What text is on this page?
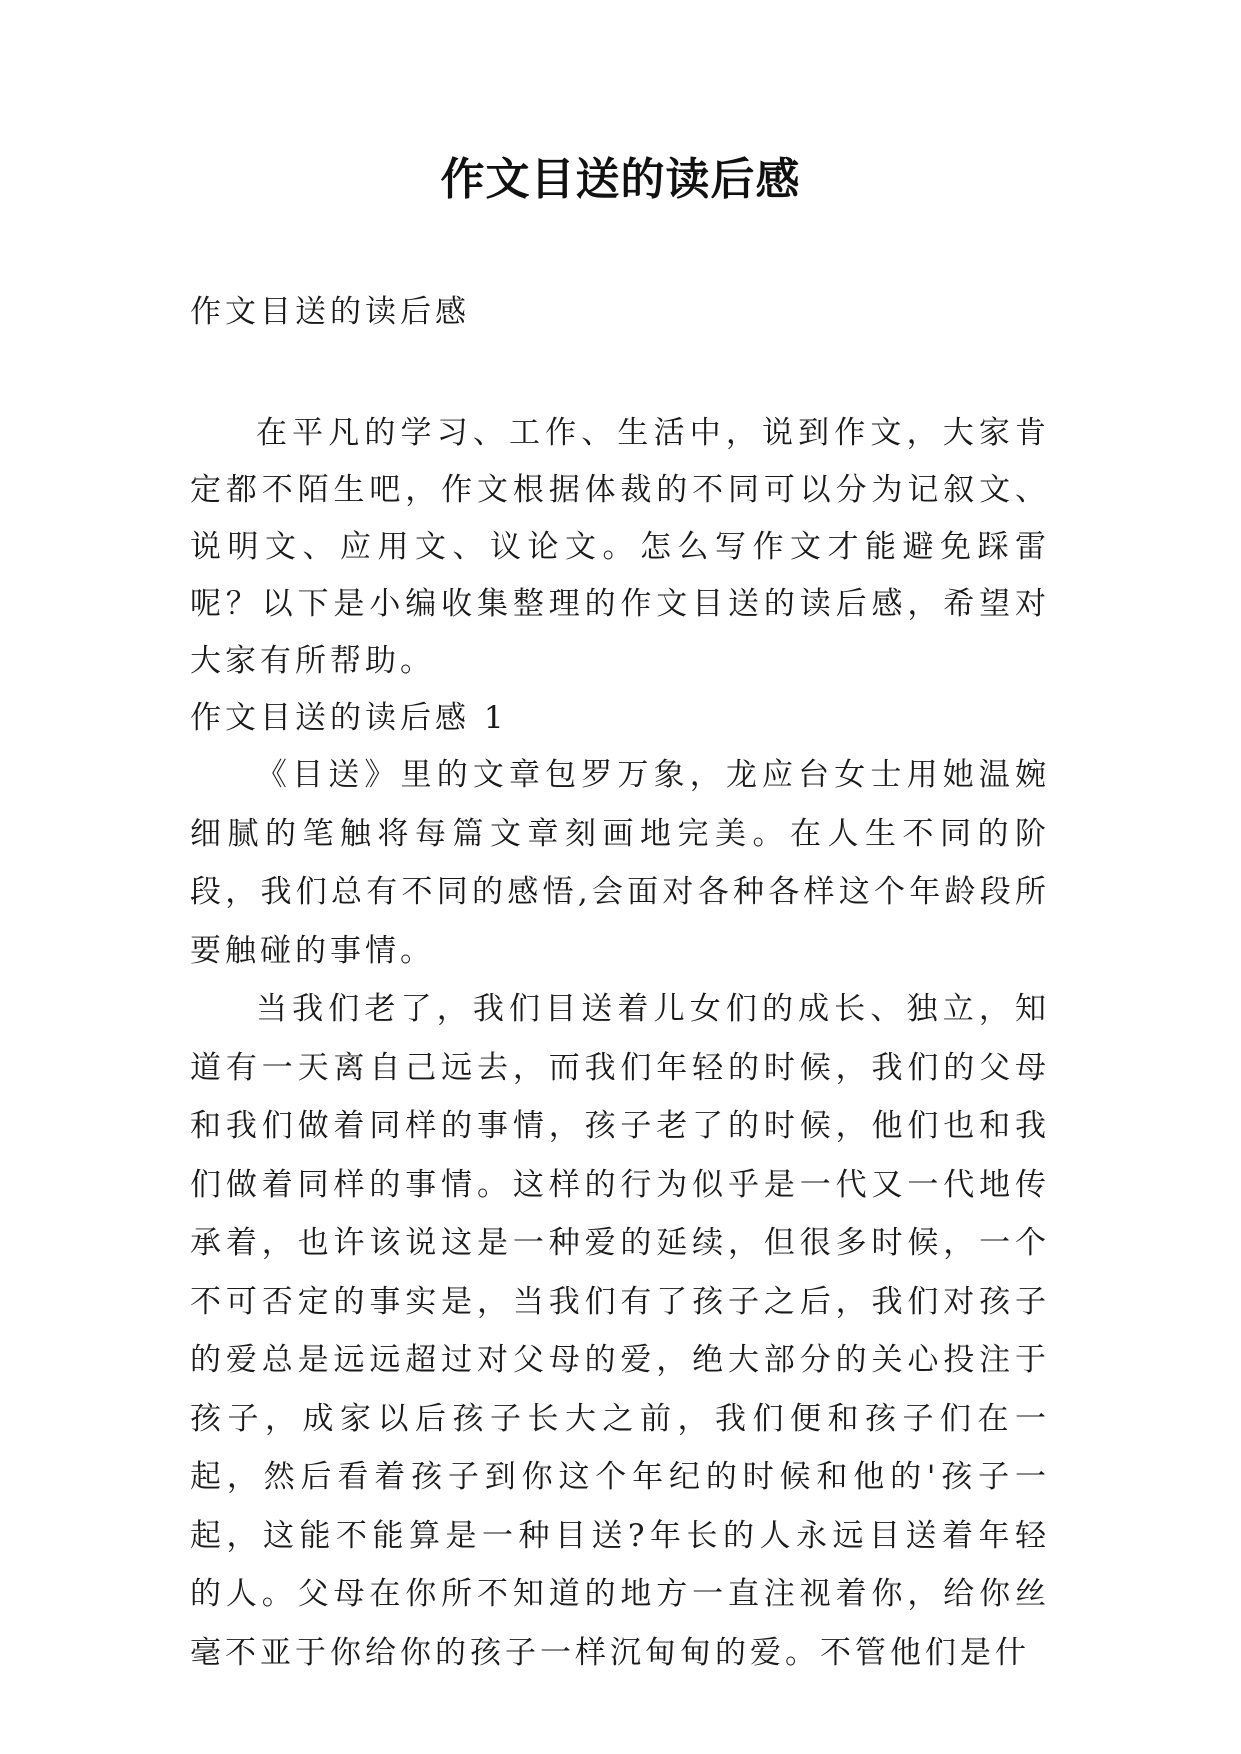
作文目送的读后感
作文目送的读后感

在平凡的学习、工作、生活中，说到作文，大家肯定都不陌生吧，作文根据体裁的不同可以分为记叙文、说明文、应用文、议论文。怎么写作文才能避免踩雷呢？以下是小编收集整理的作文目送的读后感，希望对大家有所帮助。

作文目送的读后感 1

《目送》里的文章包罗万象，龙应台女士用她温婉细腻的笔触将每篇文章刻画地完美。在人生不同的阶段，我们总有不同的感悟,会面对各种各样这个年龄段所要触碰的事情。

当我们老了，我们目送着儿女们的成长、独立，知道有一天离自己远去，而我们年轻的时候，我们的父母和我们做着同样的事情，孩子老了的时候，他们也和我们做着同样的事情。这样的行为似乎是一代又一代地传承着，也许该说这是一种爱的延续，但很多时候，一个不可否定的事实是，当我们有了孩子之后，我们对孩子的爱总是远远超过对父母的爱，绝大部分的关心投注于孩子，成家以后孩子长大之前，我们便和孩子们在一起，然后看着孩子到你这个年纪的时候和他的'孩子一起，这能不能算是一种目送?年长的人永远目送着年轻的人。父母在你所不知道的地方一直注视着你，给你丝毫不亚于你给你的孩子一样沉甸甸的爱。不管他们是什
